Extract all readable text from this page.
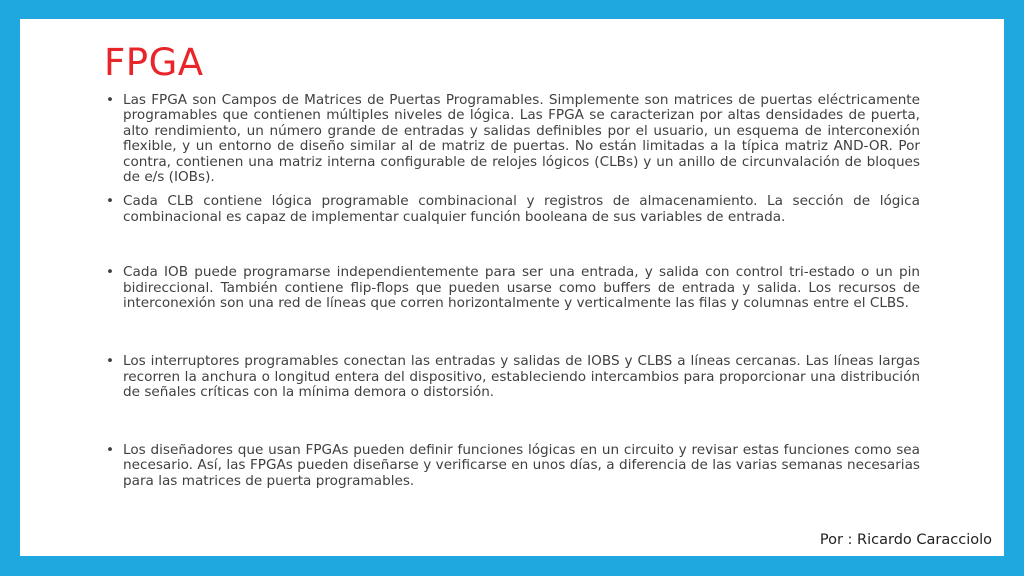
FPGA
• Las FPGA son Campos de Matrices de Puertas Programables. Simplemente son matrices de puertas eléctricamente programables que contienen múltiples niveles de lógica. Las FPGA se caracterizan por altas densidades de puerta, alto rendimiento, un número grande de entradas y salidas definibles por el usuario, un esquema de interconexión flexible, y un entorno de diseño similar al de matriz de puertas. No están limitadas a la típica matriz AND-OR. Por contra, contienen una matriz interna configurable de relojes lógicos (CLBs) y un anillo de circunvalación de bloques de e/s (IOBs).
• Cada CLB contiene lógica programable combinacional y registros de almacenamiento. La sección de lógica combinacional es capaz de implementar cualquier función booleana de sus variables de entrada.
• Cada IOB puede programarse independientemente para ser una entrada, y salida con control tri-estado o un pin bidireccional. También contiene flip-flops que pueden usarse como buffers de entrada y salida. Los recursos de interconexión son una red de líneas que corren horizontalmente y verticalmente las filas y columnas entre el CLBS.
• Los interruptores programables conectan las entradas y salidas de IOBS y CLBS a líneas cercanas. Las líneas largas recorren la anchura o longitud entera del dispositivo, estableciendo intercambios para proporcionar una distribución de señales críticas con la mínima demora o distorsión.
• Los diseñadores que usan FPGAs pueden definir funciones lógicas en un circuito y revisar estas funciones como sea necesario. Así, las FPGAs pueden diseñarse y verificarse en unos días, a diferencia de las varias semanas necesarias para las matrices de puerta programables.
Por : Ricardo Caracciolo
